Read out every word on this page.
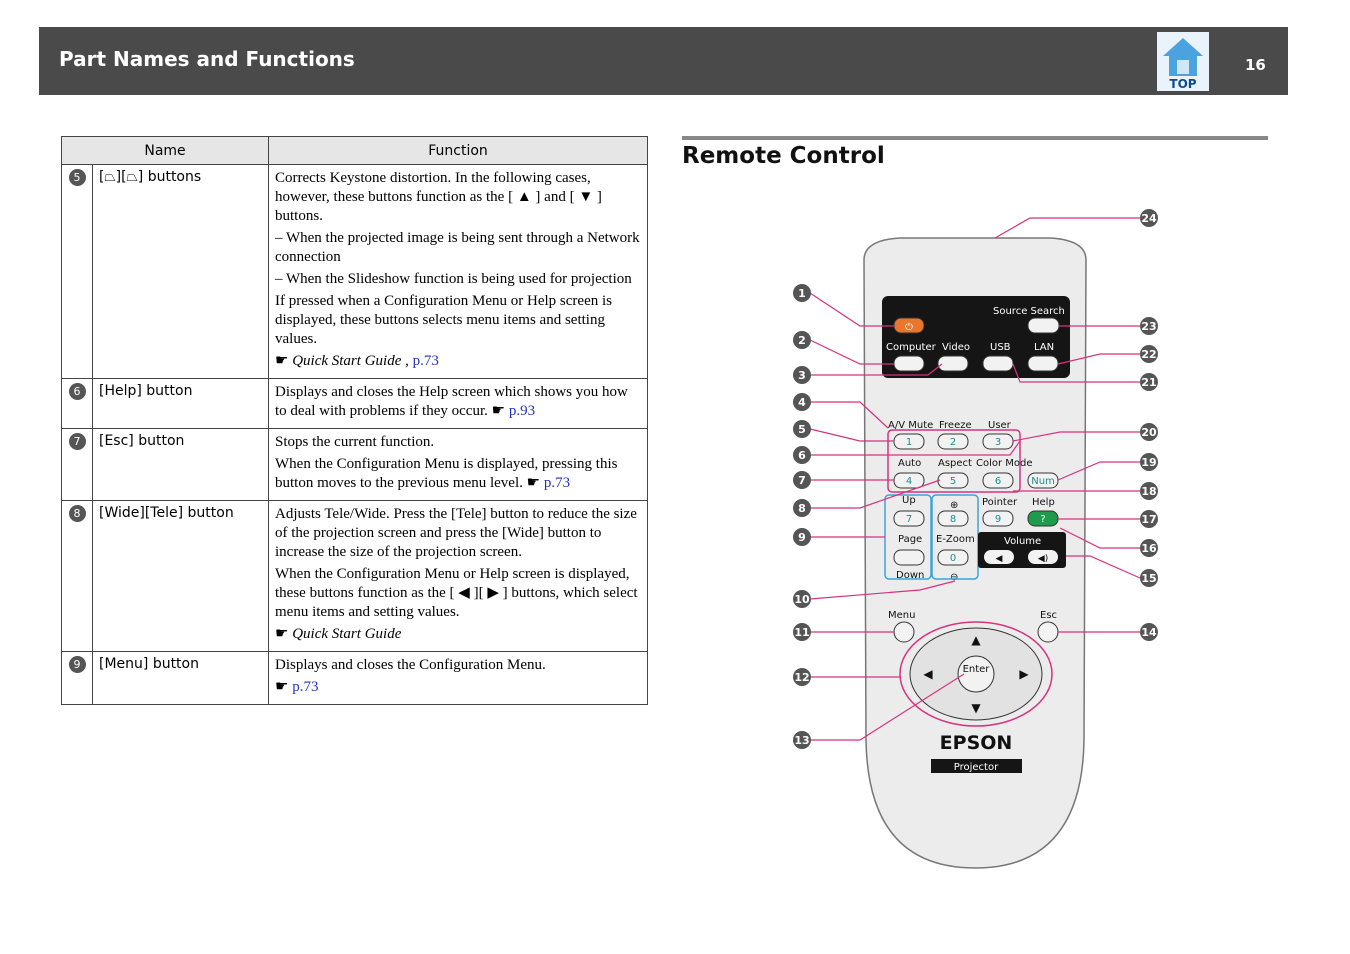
Part Names and Functions
TOP
16
Name		Function
5	[⏢][⏢] buttons	Corrects Keystone distortion. In the following cases, however, these buttons function as the [ ▲ ] and [ ▼ ] buttons.

– When the projected image is being sent through a Network connection

– When the Slideshow function is being used for projection

If pressed when a Configuration Menu or Help screen is displayed, these buttons selects menu items and setting values.

☛ Quick Start Guide , p.73

6	[Help] button	Displays and closes the Help screen which shows you how to deal with problems if they occur. ☛ p.93

7	[Esc] button	Stops the current function.

When the Configuration Menu is displayed, pressing this button moves to the previous menu level. ☛ p.73

8	[Wide][Tele] button	Adjusts Tele/Wide. Press the [Tele] button to reduce the size of the projection screen and press the [Wide] button to increase the size of the projection screen.

When the Configuration Menu or Help screen is displayed, these buttons function as the [ ◀ ][ ▶ ] buttons, which select menu items and setting values.

☛ Quick Start Guide

9	[Menu] button	Displays and closes the Configuration Menu.

☛ p.73

Remote Control
Source Search
⏻
Computer Video USB LAN
A/V Mute Freeze User
Auto Aspect Color Mode
Up	Pointer Help
Page E-Zoom
Down
⊕
⊖
1	2	3
4	5	6
7	8	9
0
Num
?
Volume
◀	◀)
Menu	Esc
Enter
▲
▼
◀	▶
EPSON
Projector
1
2
3
4
5
6
7
8
9
10
11
12
13
24
23
22
21
20
19
18
17
16
15
14
